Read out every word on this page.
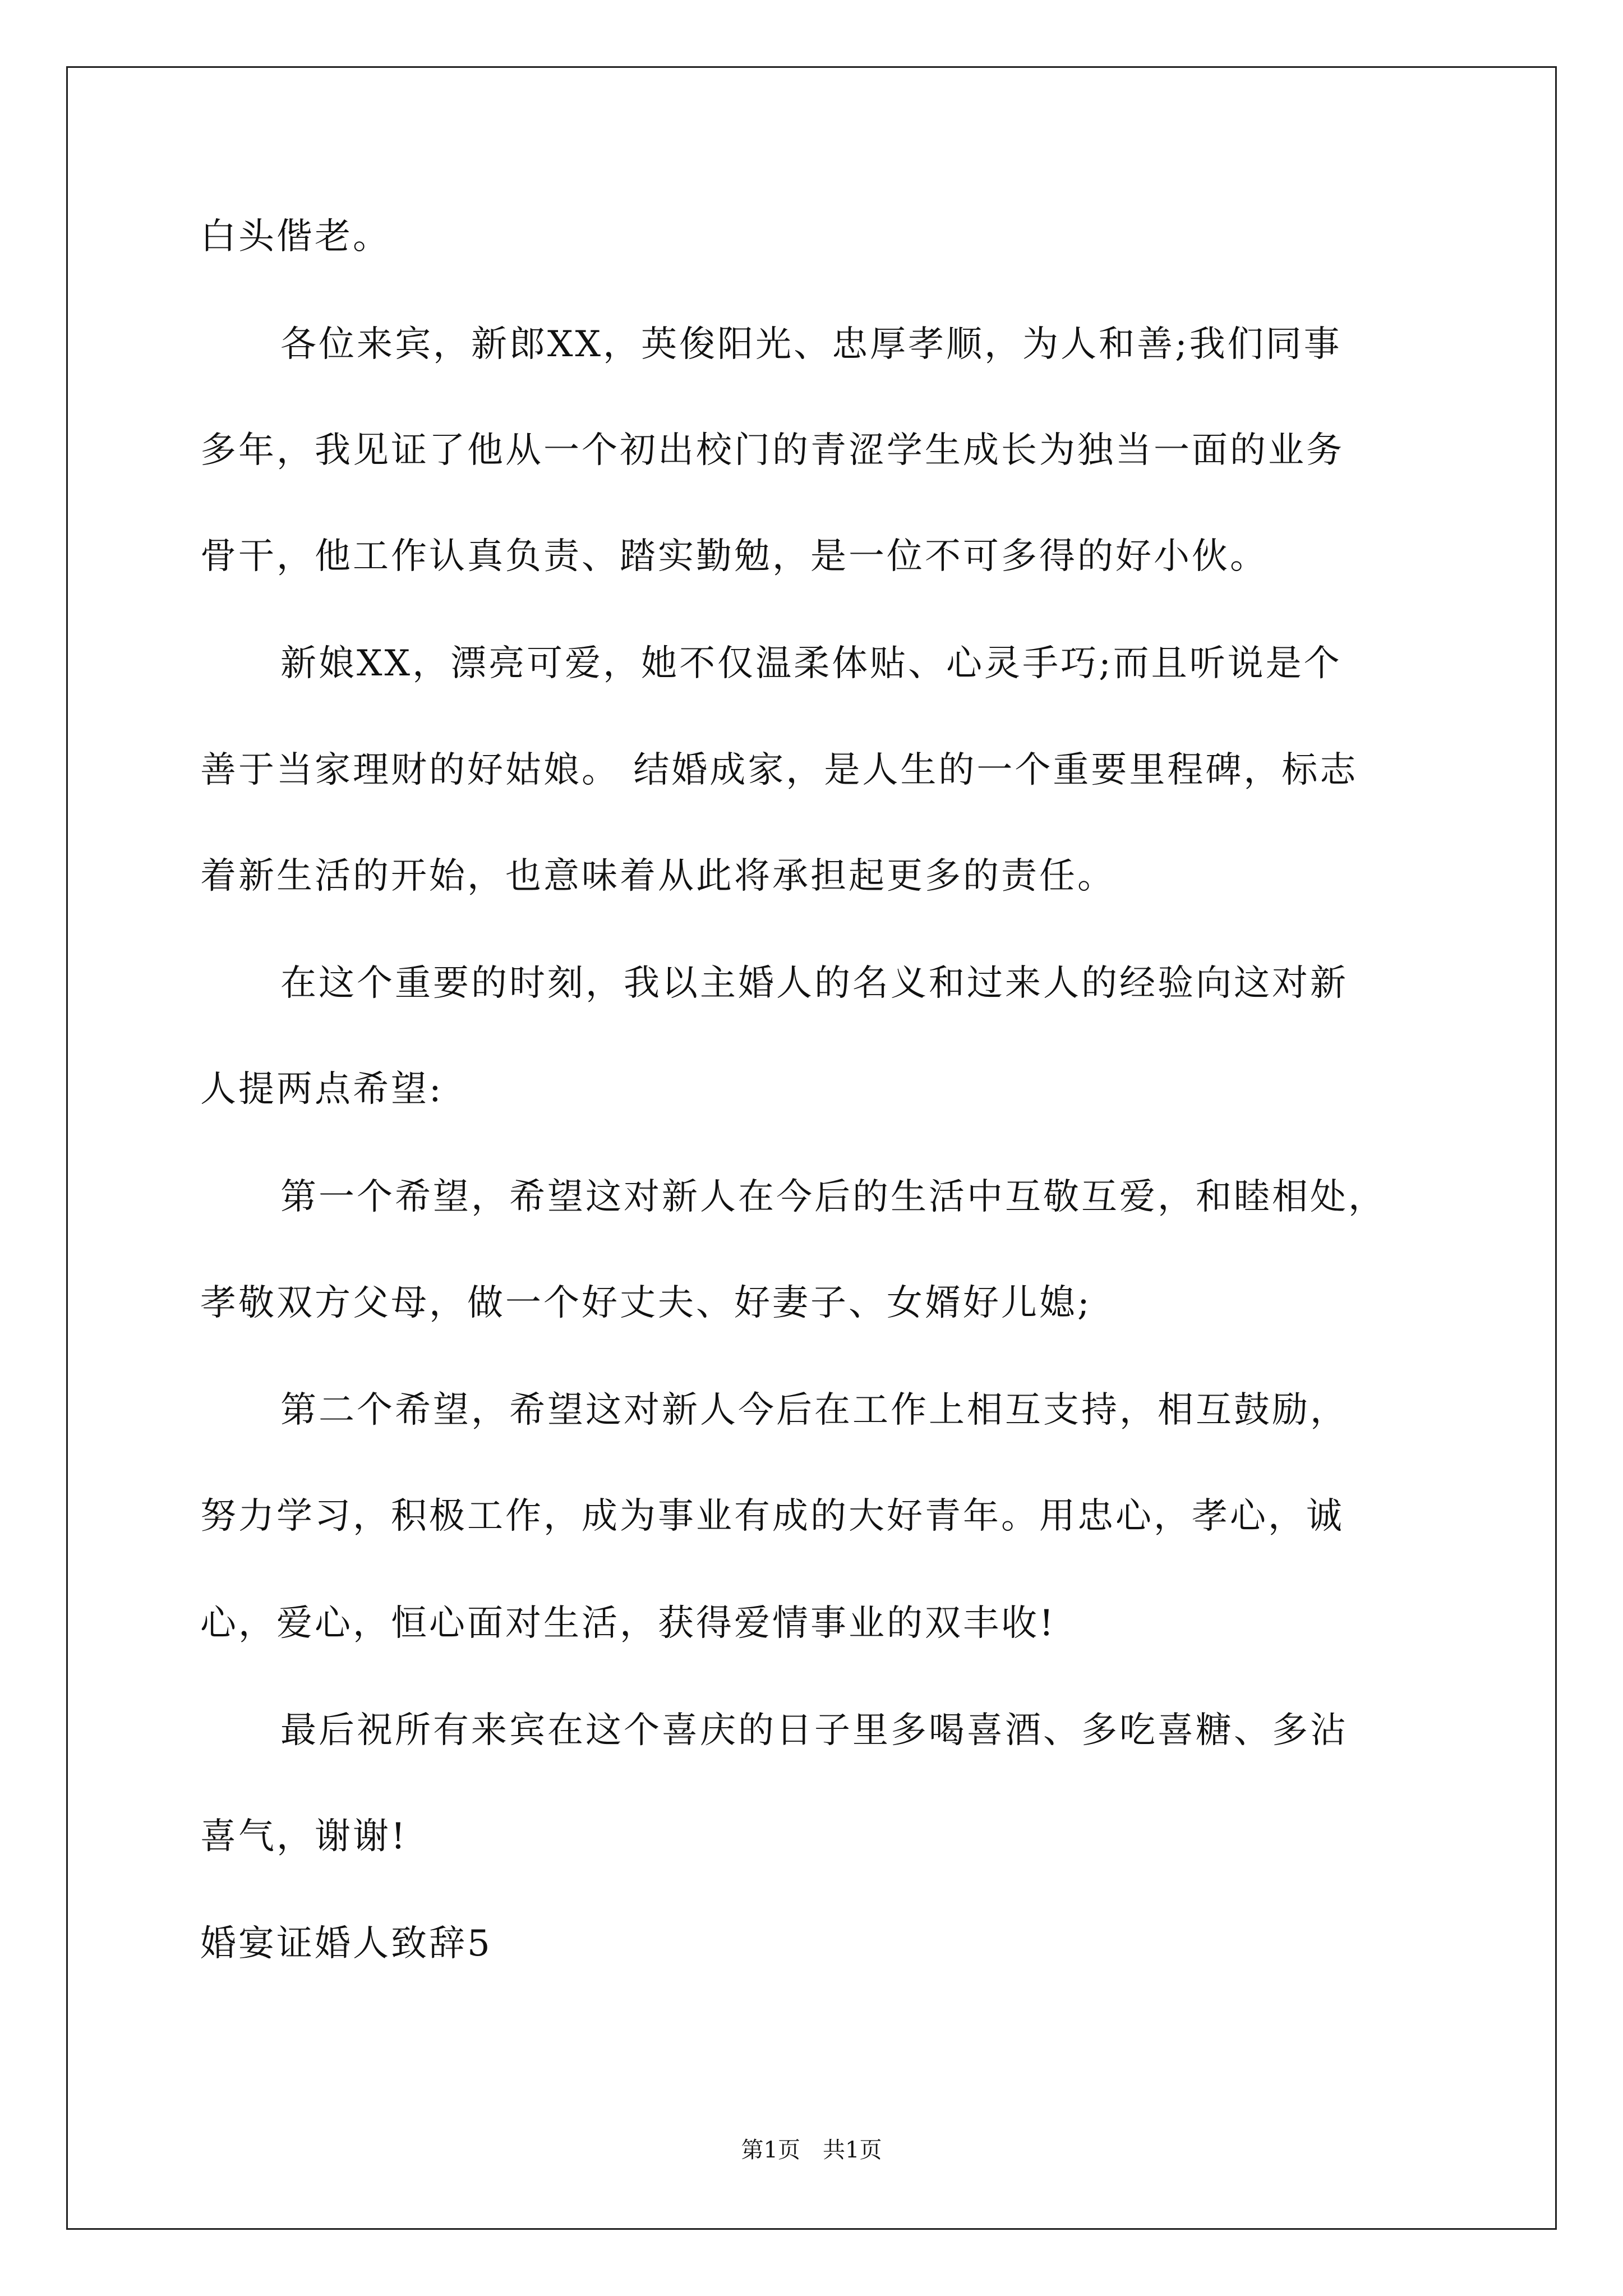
白头偕老。
各位来宾，新郎XX，英俊阳光、忠厚孝顺，为人和善;我们同事
多年，我见证了他从一个初出校门的青涩学生成长为独当一面的业务
骨干，他工作认真负责、踏实勤勉，是一位不可多得的好小伙。
新娘XX，漂亮可爱，她不仅温柔体贴、心灵手巧;而且听说是个
善于当家理财的好姑娘。 结婚成家，是人生的一个重要里程碑，标志
着新生活的开始，也意味着从此将承担起更多的责任。
在这个重要的时刻，我以主婚人的名义和过来人的经验向这对新
人提两点希望:
第一个希望，希望这对新人在今后的生活中互敬互爱，和睦相处，
孝敬双方父母，做一个好丈夫、好妻子、女婿好儿媳;
第二个希望，希望这对新人今后在工作上相互支持，相互鼓励，
努力学习，积极工作，成为事业有成的大好青年。用忠心，孝心，诚
心，爱心，恒心面对生活，获得爱情事业的双丰收!
最后祝所有来宾在这个喜庆的日子里多喝喜酒、多吃喜糖、多沾
喜气，谢谢!
婚宴证婚人致辞5
第1页 共1页
